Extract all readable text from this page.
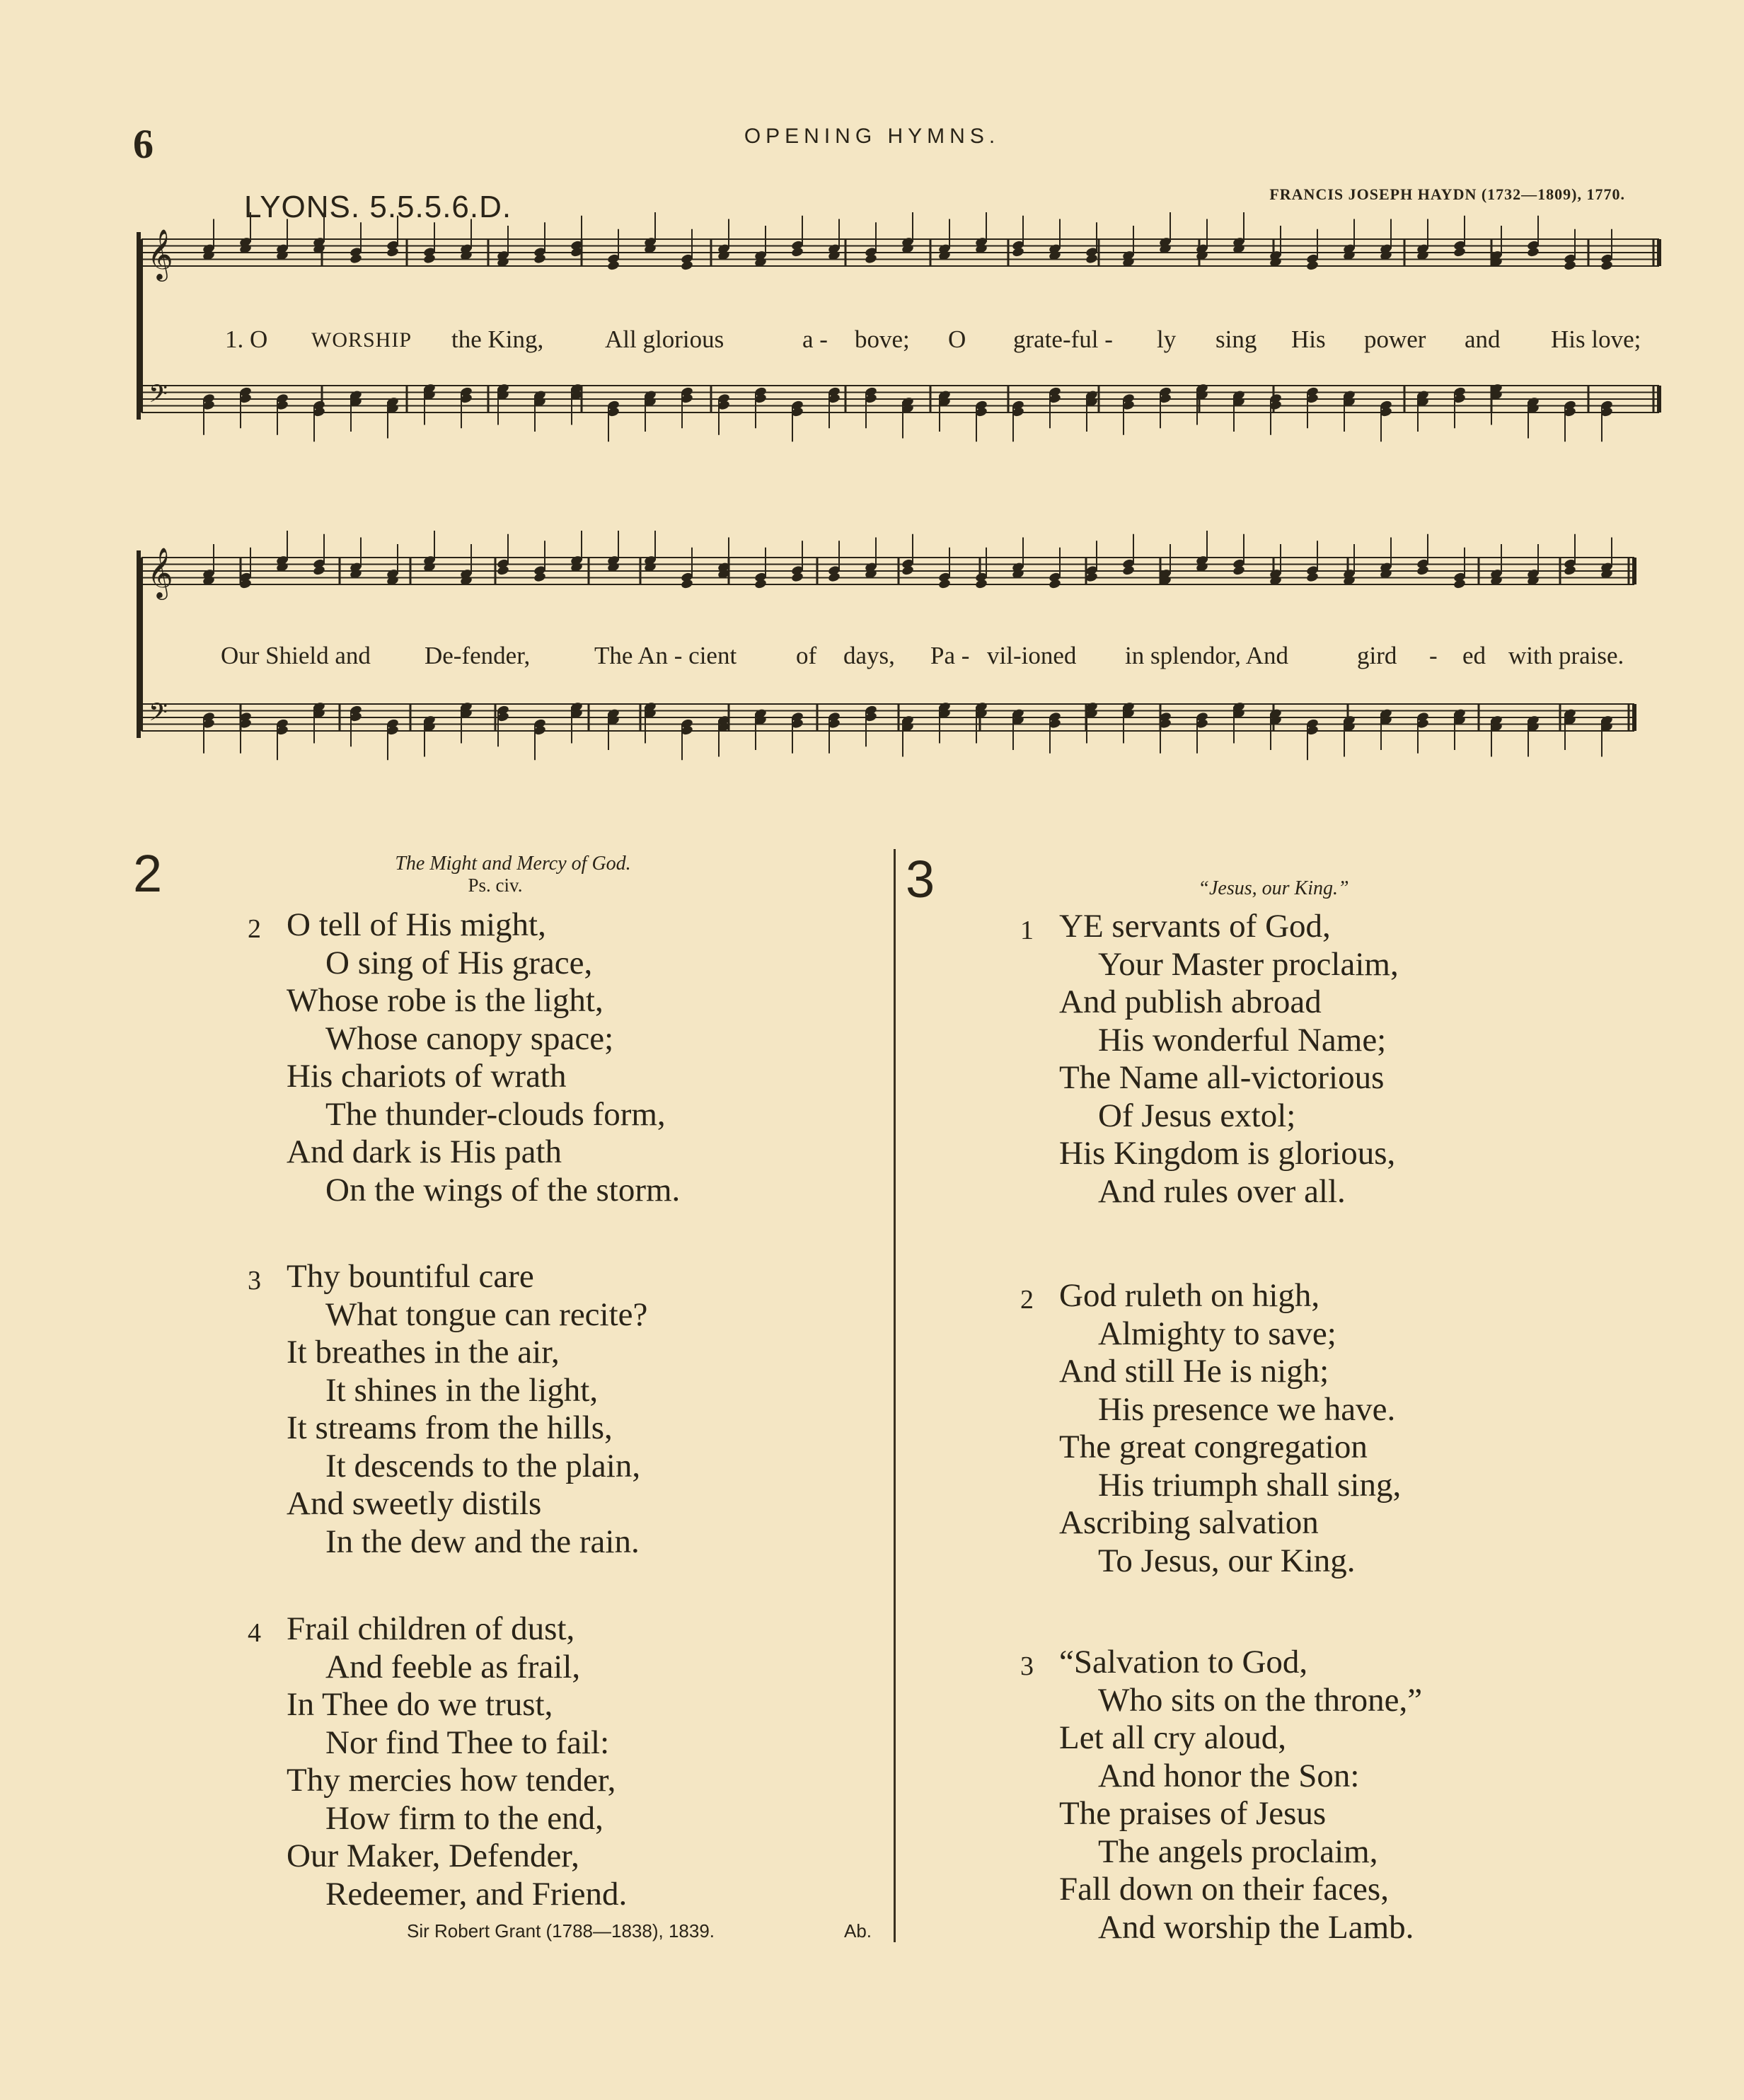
6	OPENING HYMNS.
LYONS. 5.5.5.6.D.	FRANCIS JOSEPH HAYDN (1732—1809), 1770.
𝄞
𝄢
1. O WORSHIP the King, All glorious	a - bove; O grate-ful - ly sing His power and His love;
𝄞
𝄢
Our Shield and De-fender,	The An - cient of days, Pa - vil-ioned in splendor, And	gird - ed with praise.
2	The Might and Mercy of God.
Ps. civ.
2 O tell of His might,
O sing of His grace,
Whose robe is the light,
Whose canopy space;
His chariots of wrath
The thunder-clouds form,
And dark is His path
On the wings of the storm.
3 Thy bountiful care
What tongue can recite?
It breathes in the air,
It shines in the light,
It streams from the hills,
It descends to the plain,
And sweetly distils
In the dew and the rain.
4 Frail children of dust,
And feeble as frail,
In Thee do we trust,
Nor find Thee to fail:
Thy mercies how tender,
How firm to the end,
Our Maker, Defender,
Redeemer, and Friend.
Sir Robert Grant (1788—1838), 1839.	Ab.
3	“Jesus, our King.”
1 YE servants of God,
Your Master proclaim,
And publish abroad
His wonderful Name;
The Name all-victorious
Of Jesus extol;
His Kingdom is glorious,
And rules over all.
2 God ruleth on high,
Almighty to save;
And still He is nigh;
His presence we have.
The great congregation
His triumph shall sing,
Ascribing salvation
To Jesus, our King.
3 “Salvation to God,
Who sits on the throne,”
Let all cry aloud,
And honor the Son:
The praises of Jesus
The angels proclaim,
Fall down on their faces,
And worship the Lamb.
